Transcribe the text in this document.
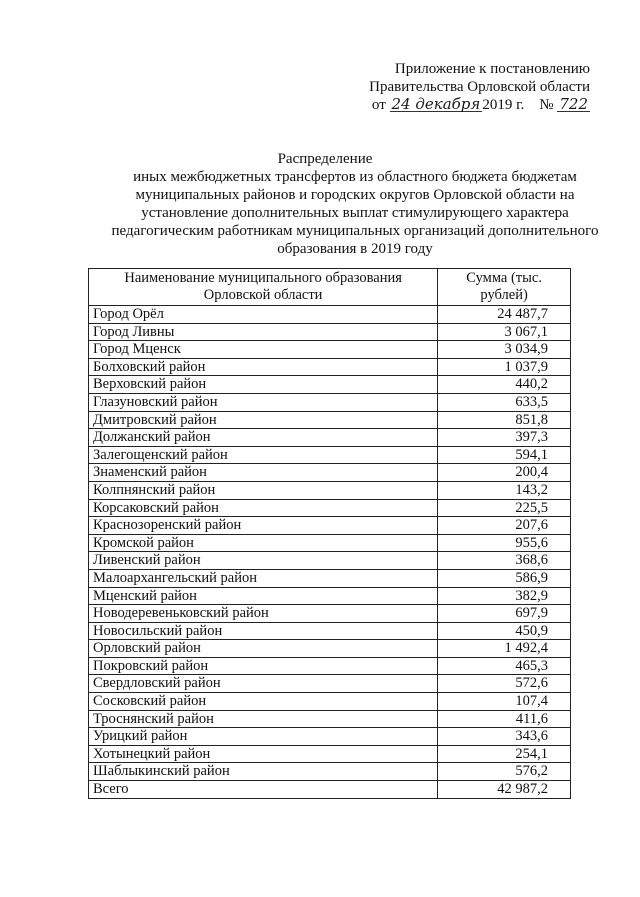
Приложение к постановлению
Правительства Орловской области
от 24 декабря 2019 г. № 722
Распределение
иных межбюджетных трансфертов из областного бюджета бюджетам муниципальных районов и городских округов Орловской области на установление дополнительных выплат стимулирующего характера педагогическим работникам муниципальных организаций дополнительного образования в 2019 году
Наименование муниципального образования Орловской области	Сумма (тыс. рублей)
Город Орёл	24 487,7
Город Ливны	3 067,1
Город Мценск	3 034,9
Болховский район	1 037,9
Верховский район	440,2
Глазуновский район	633,5
Дмитровский район	851,8
Должанский район	397,3
Залегощенский район	594,1
Знаменский район	200,4
Колпнянский район	143,2
Корсаковский район	225,5
Краснозоренский район	207,6
Кромской район	955,6
Ливенский район	368,6
Малоархангельский район	586,9
Мценский район	382,9
Новодеревеньковский район	697,9
Новосильский район	450,9
Орловский район	1 492,4
Покровский район	465,3
Свердловский район	572,6
Сосковский район	107,4
Троснянский район	411,6
Урицкий район	343,6
Хотынецкий район	254,1
Шаблыкинский район	576,2
Всего	42 987,2
